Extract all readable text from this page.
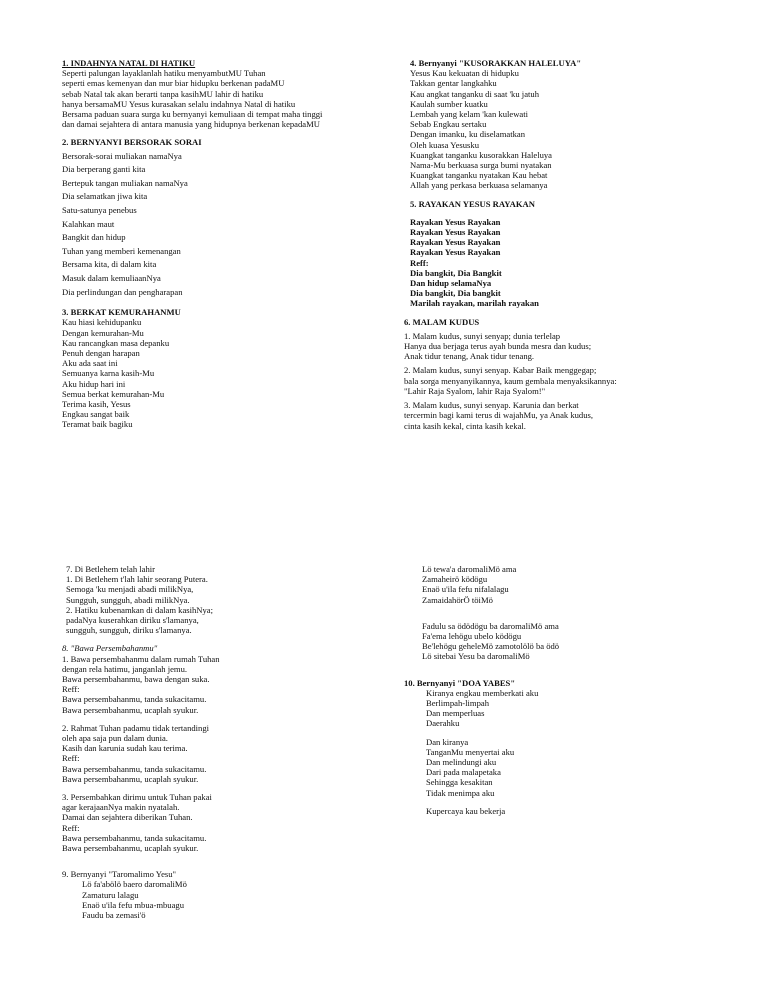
1. INDAHNYA NATAL DI HATIKU
Seperti palungan layaklanlah hatiku menyambutMU Tuhan
seperti emas kemenyan dan mur biar hidupku berkenan padaMU
sebab Natal tak akan berarti tanpa kasihMU lahir di hatiku
hanya bersamaMU Yesus kurasakan selalu indahnya Natal di hatiku
Bersama paduan suara surga ku bernyanyi kemuliaan di tempat maha tinggi
dan damai sejahtera di antara manusia yang hidupnya berkenan kepadaMU
2. BERNYANYI BERSORAK SORAI
Bersorak-sorai muliakan namaNya
Dia berperang ganti kita
Bertepuk tangan muliakan namaNya
Dia selamatkan jiwa kita
Satu-satunya penebus
Kalahkan maut
Bangkit dan hidup
Tuhan yang memberi kemenangan
Bersama kita, di dalam kita
Masuk dalam kemuliaanNya
Dia perlindungan dan pengharapan
3. BERKAT KEMURAHANMU
Kau hiasi kehidupanku
Dengan kemurahan-Mu
Kau rancangkan masa depanku
Penuh dengan harapan
Aku ada saat ini
Semuanya karna kasih-Mu
Aku hidup hari ini
Semua berkat kemurahan-Mu
Terima kasih, Yesus
Engkau sangat baik
Teramat baik bagiku
4. Bernyanyi "KUSORAKKAN HALELUYA"
Yesus Kau kekuatan di hidupku
Takkan gentar langkahku
Kau angkat tanganku di saat 'ku jatuh
Kaulah sumber kuatku
Lembah yang kelam 'kan kulewati
Sebab Engkau sertaku
Dengan imanku, ku diselamatkan
Oleh kuasa Yesusku
Kuangkat tanganku kusorakkan Haleluya
Nama-Mu berkuasa surga bumi nyatakan
Kuangkat tanganku nyatakan Kau hebat
Allah yang perkasa berkuasa selamanya
5. RAYAKAN YESUS RAYAKAN
Rayakan Yesus Rayakan
Rayakan Yesus Rayakan
Rayakan Yesus Rayakan
Rayakan Yesus Rayakan
Reff:
Dia bangkit, Dia Bangkit
Dan hidup selamaNya
Dia bangkit, Dia bangkit
Marilah rayakan, marilah rayakan
6. MALAM KUDUS
1. Malam kudus, sunyi senyap; dunia terlelap
Hanya dua berjaga terus ayah bunda mesra dan kudus;
Anak tidur tenang, Anak tidur tenang.
2. Malam kudus, sunyi senyap. Kabar Baik menggegap;
bala sorga menyanyikannya, kaum gembala menyaksikannya:
"Lahir Raja Syalom, lahir Raja Syalom!"
3. Malam kudus, sunyi senyap. Karunia dan berkat
tercermin bagi kami terus di wajahMu, ya Anak kudus,
cinta kasih kekal, cinta kasih kekal.
7. Di Betlehem telah lahir
1. Di Betlehem t'lah lahir seorang Putera.
Semoga 'ku menjadi abadi milikNya,
Sungguh, sungguh, abadi milikNya.
2. Hatiku kubenamkan di dalam kasihNya;
padaNya kuserahkan diriku s'lamanya,
sungguh, sungguh, diriku s'lamanya.
8. "Bawa Persembahanmu"
1. Bawa persembahanmu dalam rumah Tuhan
dengan rela hatimu, janganlah jemu.
Bawa persembahanmu, bawa dengan suka.
Reff:
Bawa persembahanmu, tanda sukacitamu.
Bawa persembahanmu, ucaplah syukur.
2. Rahmat Tuhan padamu tidak tertandingi
oleh apa saja pun dalam dunia.
Kasih dan karunia sudah kau terima.
Reff:
Bawa persembahanmu, tanda sukacitamu.
Bawa persembahanmu, ucaplah syukur.
3. Persembahkan dirimu untuk Tuhan pakai
agar kerajaanNya makin nyatalah.
Damai dan sejahtera diberikan Tuhan.
Reff:
Bawa persembahanmu, tanda sukacitamu.
Bawa persembahanmu, ucaplah syukur.
9. Bernyanyi "Taromalimo Yesu"
Lö fa'abölö baero daromaliMö
Zamaturu lalagu
Enaö u'ila fefu mbua-mbuagu
Faudu ba zemasi'ö
Lö tewa'a daromaliMö ama
Zamaheirö ködögu
Enaö u'ila fefu nifalalagu
ZamaidahörÖ töiMö
Fadulu sa ödödögu ba daromaliMö ama
Fa'ema lehögu ubelo ködögu
Be'lehögu geheleMö zamotolölö ba ödö
Lö sitebai Yesu ba daromaliMö
10. Bernyanyi "DOA YABES"
Kiranya engkau memberkati aku
Berlimpah-limpah
Dan memperluas
Daerahku
Dan kiranya
TanganMu menyertai aku
Dan melindungi aku
Dari pada malapetaka
Sehingga kesakitan
Tidak menimpa aku
Kupercaya kau bekerja
